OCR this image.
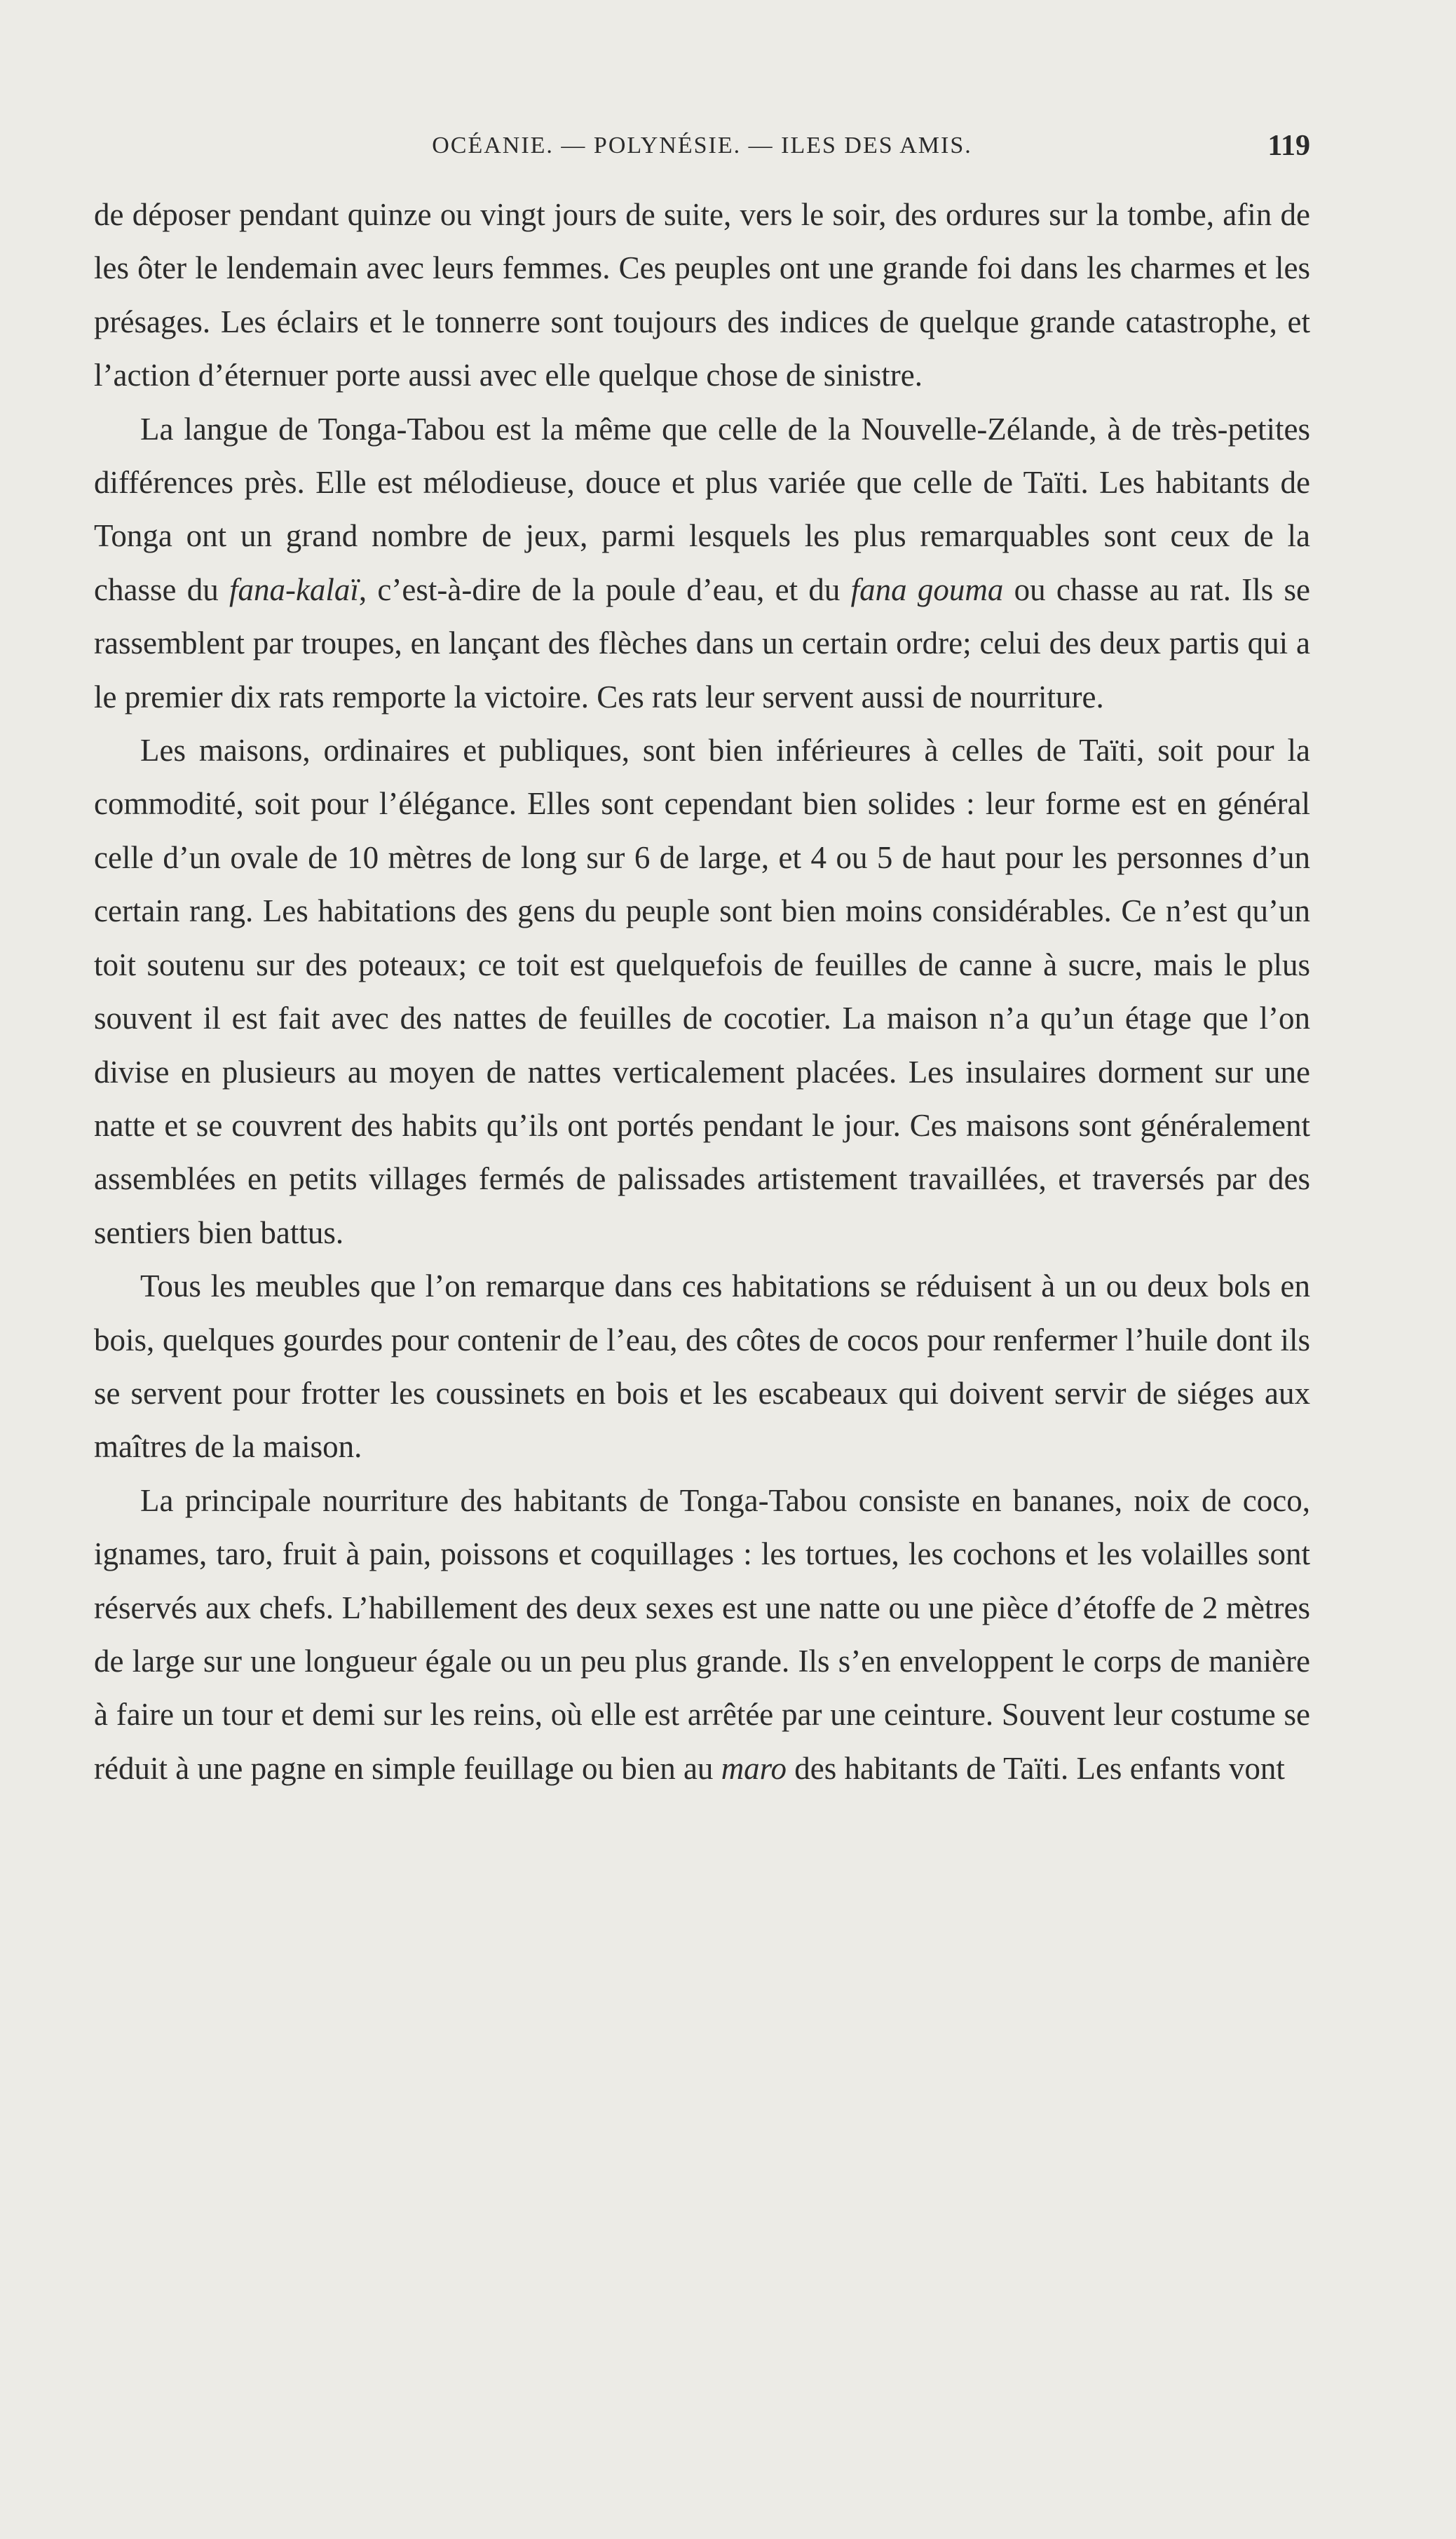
OCÉANIE. — POLYNÉSIE. — ILES DES AMIS.	119

de déposer pendant quinze ou vingt jours de suite, vers le soir, des ordures sur la tombe, afin de les ôter le lendemain avec leurs femmes. Ces peuples ont une grande foi dans les charmes et les présages. Les éclairs et le tonnerre sont toujours des indices de quelque grande catastrophe, et l’action d’éternuer porte aussi avec elle quelque chose de sinistre.

La langue de Tonga-Tabou est la même que celle de la Nouvelle-Zélande, à de très-petites différences près. Elle est mélodieuse, douce et plus variée que celle de Taïti. Les habitants de Tonga ont un grand nombre de jeux, parmi lesquels les plus remarquables sont ceux de la chasse du fana-kalaï, c’est-à-dire de la poule d’eau, et du fana gouma ou chasse au rat. Ils se rassemblent par troupes, en lançant des flèches dans un certain ordre; celui des deux partis qui a le premier dix rats remporte la victoire. Ces rats leur servent aussi de nourriture.

Les maisons, ordinaires et publiques, sont bien inférieures à celles de Taïti, soit pour la commodité, soit pour l’élégance. Elles sont cependant bien solides : leur forme est en général celle d’un ovale de 10 mètres de long sur 6 de large, et 4 ou 5 de haut pour les personnes d’un certain rang. Les habitations des gens du peuple sont bien moins considérables. Ce n’est qu’un toit soutenu sur des poteaux; ce toit est quelquefois de feuilles de canne à sucre, mais le plus souvent il est fait avec des nattes de feuilles de cocotier. La maison n’a qu’un étage que l’on divise en plusieurs au moyen de nattes verticalement placées. Les insulaires dorment sur une natte et se couvrent des habits qu’ils ont portés pendant le jour. Ces maisons sont généralement assemblées en petits villages fermés de palissades artistement travaillées, et traversés par des sentiers bien battus.

Tous les meubles que l’on remarque dans ces habitations se réduisent à un ou deux bols en bois, quelques gourdes pour contenir de l’eau, des côtes de cocos pour renfermer l’huile dont ils se servent pour frotter les coussinets en bois et les escabeaux qui doivent servir de siéges aux maîtres de la maison.

La principale nourriture des habitants de Tonga-Tabou consiste en bananes, noix de coco, ignames, taro, fruit à pain, poissons et coquillages : les tortues, les cochons et les volailles sont réservés aux chefs. L’habillement des deux sexes est une natte ou une pièce d’étoffe de 2 mètres de large sur une longueur égale ou un peu plus grande. Ils s’en enveloppent le corps de manière à faire un tour et demi sur les reins, où elle est arrêtée par une ceinture. Souvent leur costume se réduit à une pagne en simple feuillage ou bien au maro des habitants de Taïti. Les enfants vont
